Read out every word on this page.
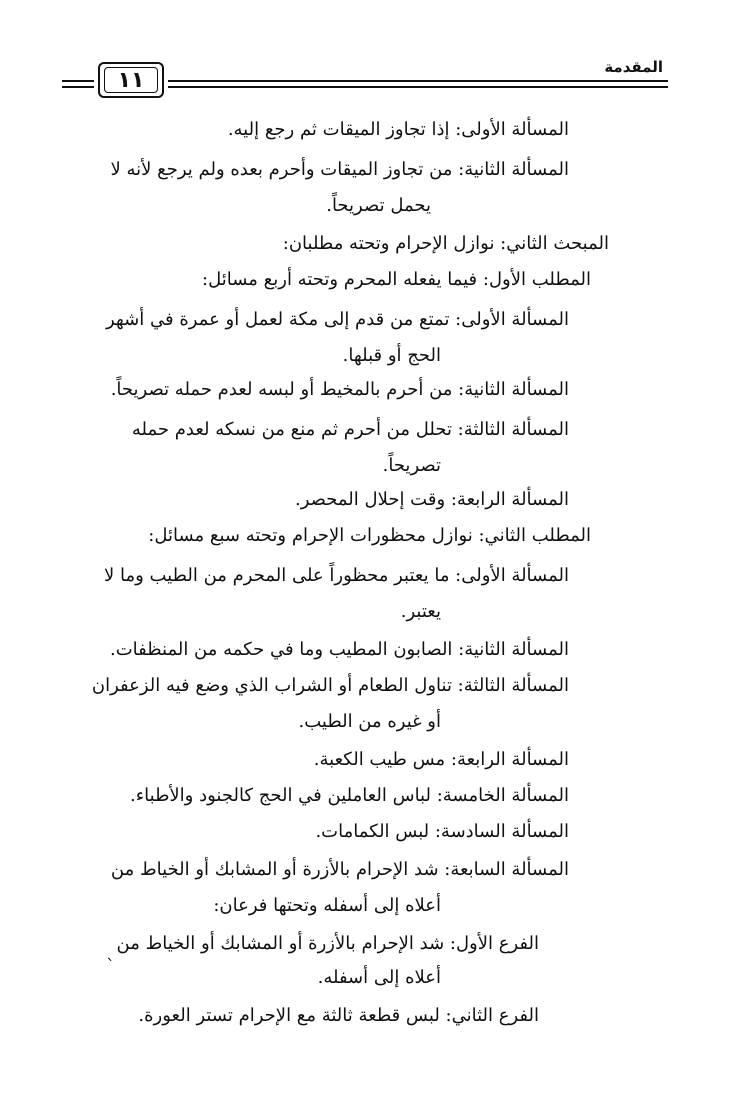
المقدمة
١١
المسألة الأولى: إذا تجاوز الميقات ثم رجع إليه.
المسألة الثانية: من تجاوز الميقات وأحرم بعده ولم يرجع لأنه لا
يحمل تصريحاً.
المبحث الثاني: نوازل الإحرام وتحته مطلبان:
المطلب الأول: فيما يفعله المحرم وتحته أربع مسائل:
المسألة الأولى: تمتع من قدم إلى مكة لعمل أو عمرة في أشهر
الحج أو قبلها.
المسألة الثانية: من أحرم بالمخيط أو لبسه لعدم حمله تصريحاً.
المسألة الثالثة: تحلل من أحرم ثم منع من نسكه لعدم حمله
تصريحاً.
المسألة الرابعة: وقت إحلال المحصر.
المطلب الثاني: نوازل محظورات الإحرام وتحته سبع مسائل:
المسألة الأولى: ما يعتبر محظوراً على المحرم من الطيب وما لا
يعتبر.
المسألة الثانية: الصابون المطيب وما في حكمه من المنظفات.
المسألة الثالثة: تناول الطعام أو الشراب الذي وضع فيه الزعفران
أو غيره من الطيب.
المسألة الرابعة: مس طيب الكعبة.
المسألة الخامسة: لباس العاملين في الحج كالجنود والأطباء.
المسألة السادسة: لبس الكمامات.
المسألة السابعة: شد الإحرام بالأزرة أو المشابك أو الخياط من
أعلاه إلى أسفله وتحتها فرعان:
الفرع الأول: شد الإحرام بالأزرة أو المشابك أو الخياط من
أعلاه إلى أسفله.
الفرع الثاني: لبس قطعة ثالثة مع الإحرام تستر العورة.
`
